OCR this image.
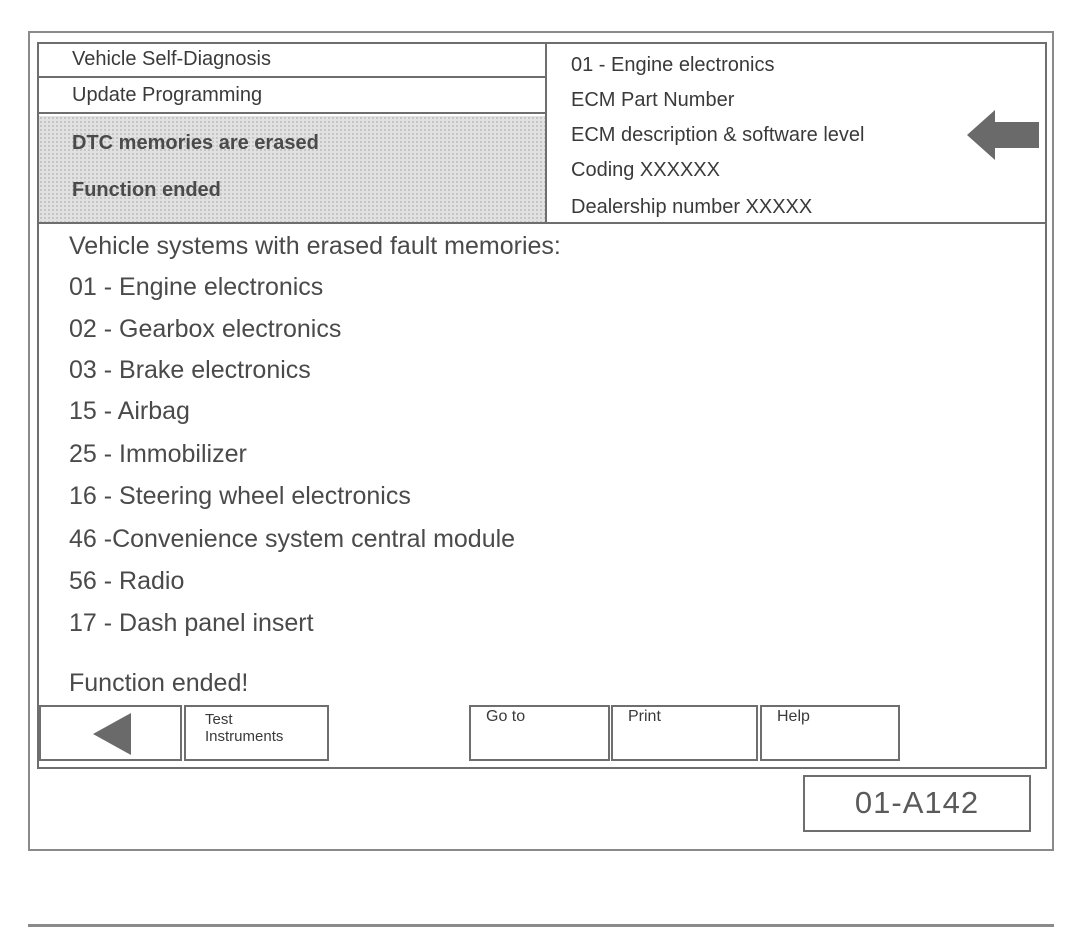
Vehicle Self-Diagnosis
Update Programming
DTC memories are erased
Function ended
01 - Engine electronics
ECM Part Number
ECM description & software level
Coding XXXXXX
Dealership number XXXXX
Vehicle systems with erased fault memories:
01 - Engine electronics
02 - Gearbox electronics
03 - Brake electronics
15 - Airbag
25 - Immobilizer
16 - Steering wheel electronics
46 -Convenience system central module
56 - Radio
17 - Dash panel insert
Function ended!
Test
Instruments
Go to	Print	Help
01-A142
